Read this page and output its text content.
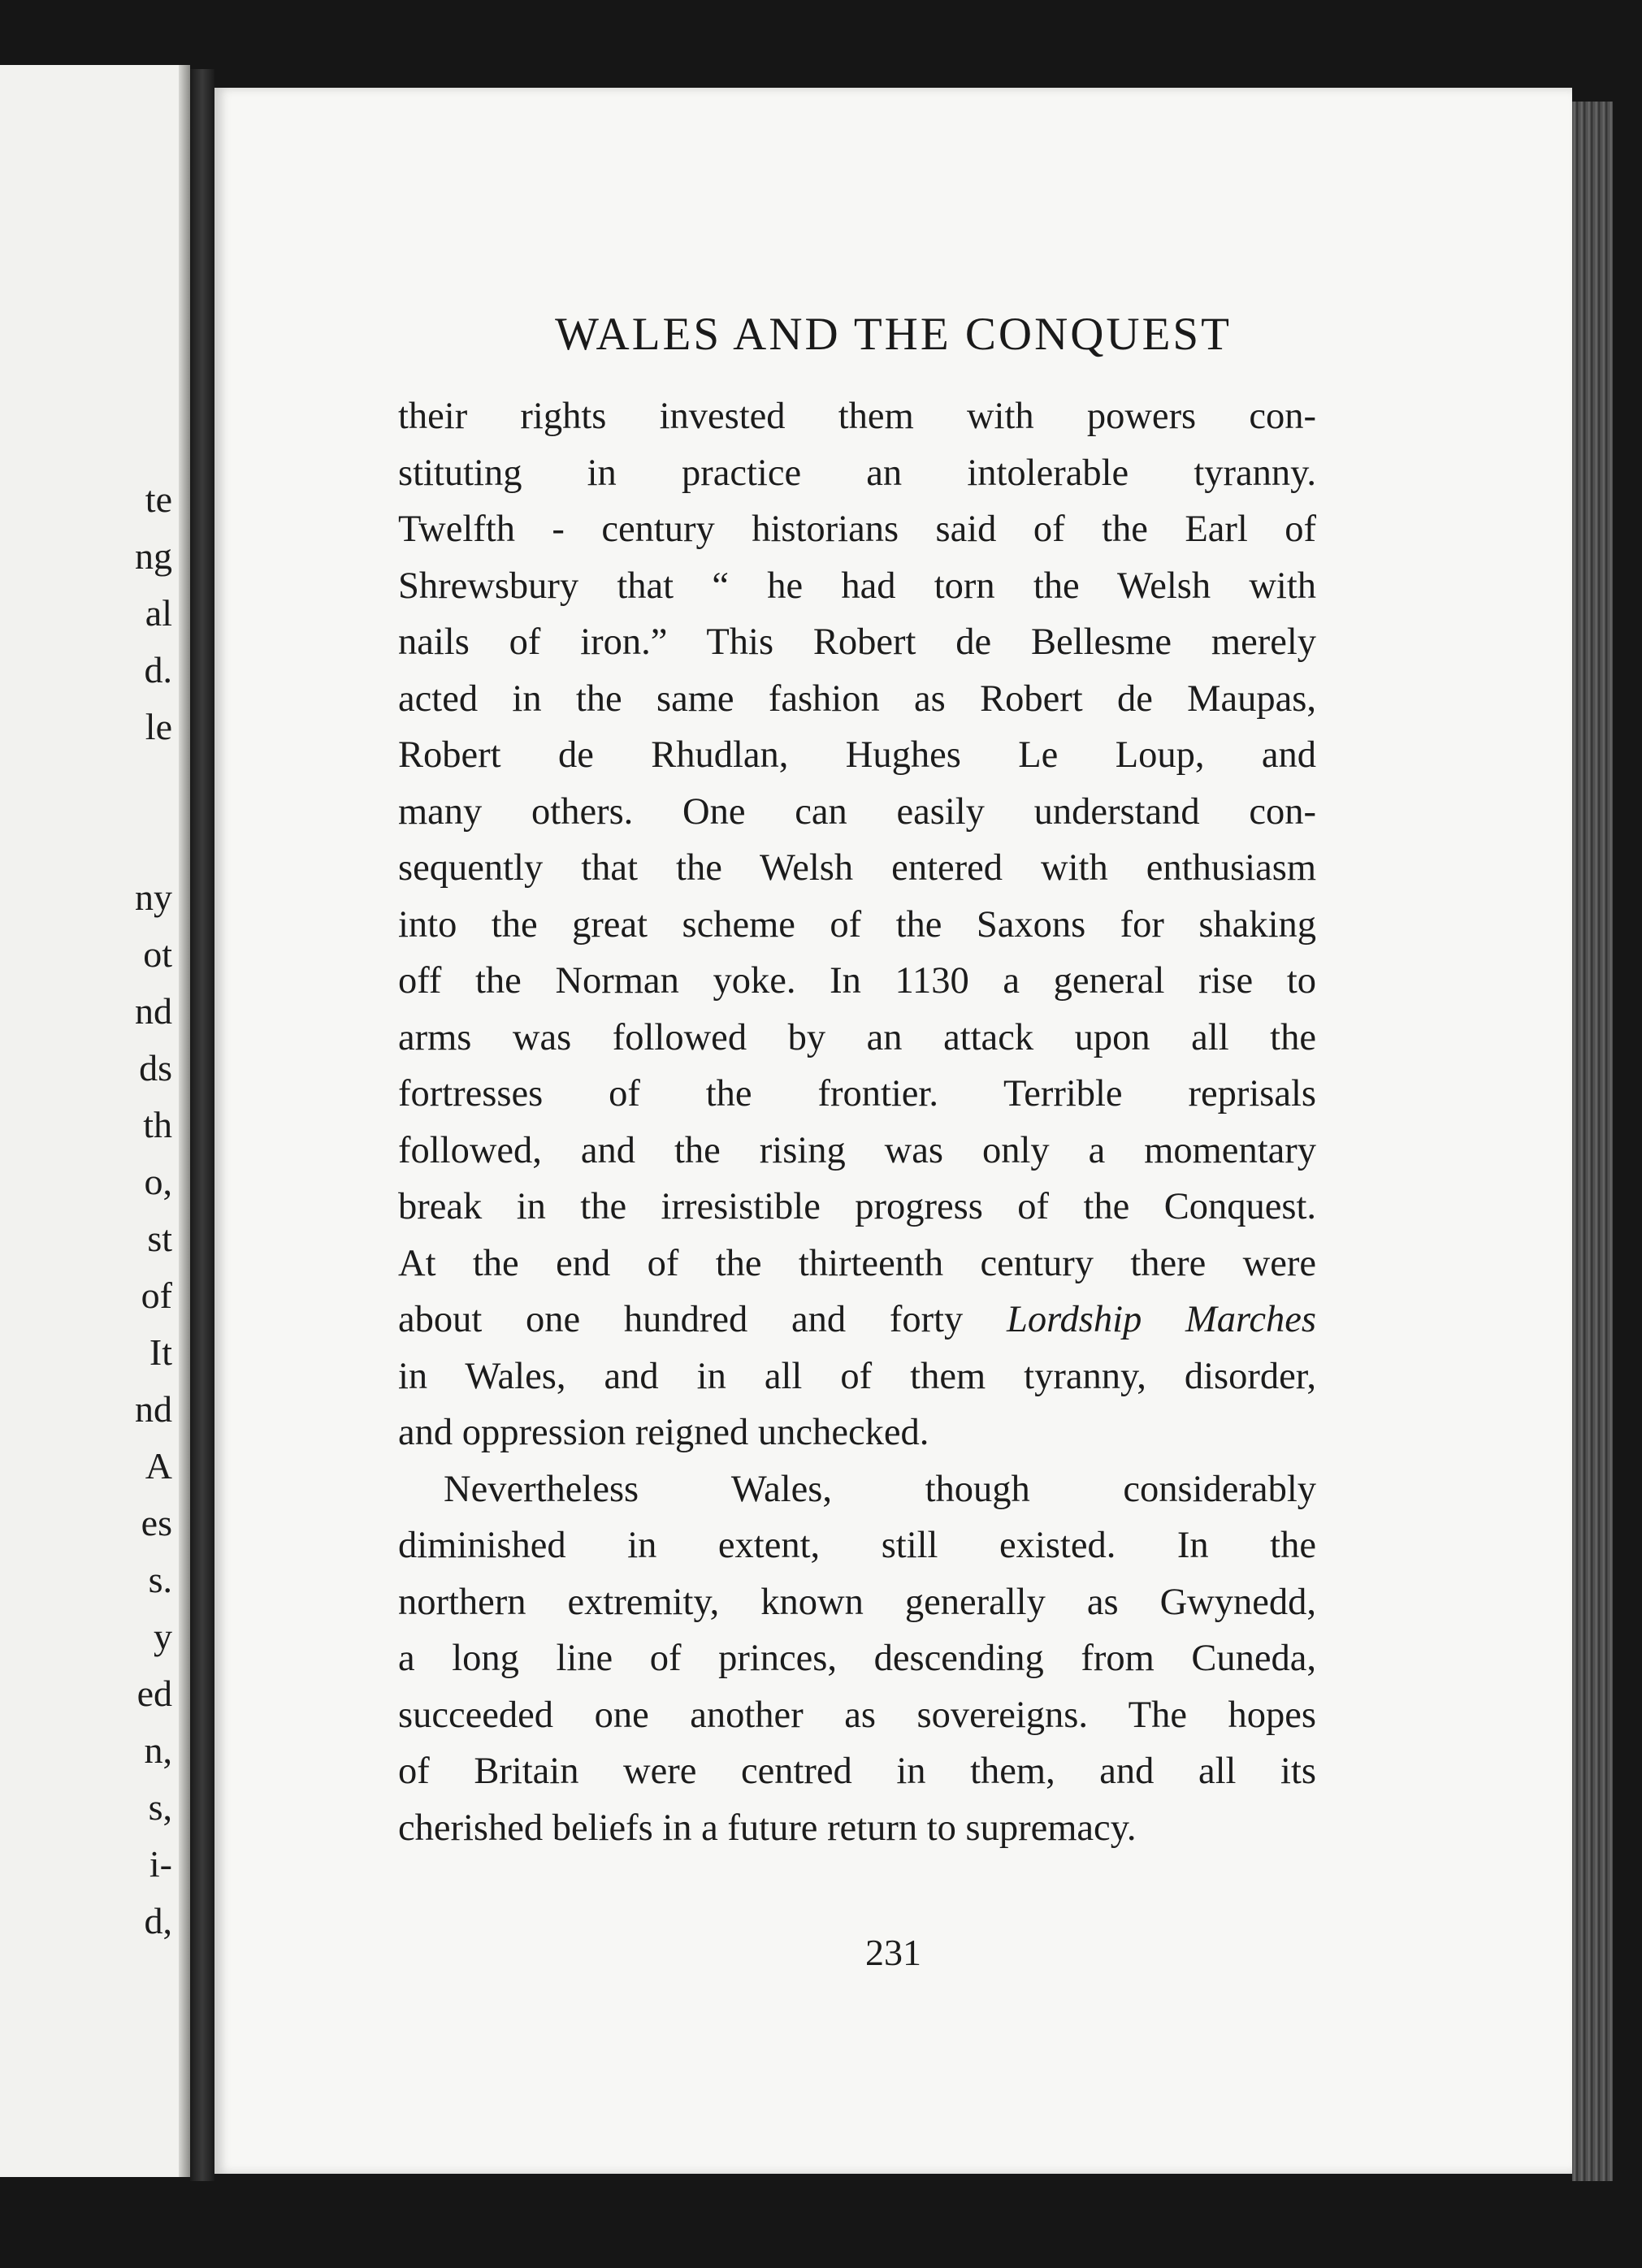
te
ng
al
d.
le
ny
ot
nd
ds
th
o,
st
of
It
nd
A
es
s.
y
ed
n,
s,
i-
d,
WALES AND THE CONQUEST
their rights invested them with powers con-
stituting in practice an intolerable tyranny.
Twelfth - century historians said of the Earl of
Shrewsbury that “ he had torn the Welsh with
nails of iron.” This Robert de Bellesme merely
acted in the same fashion as Robert de Maupas,
Robert de Rhudlan, Hughes Le Loup, and
many others. One can easily understand con-
sequently that the Welsh entered with enthusiasm
into the great scheme of the Saxons for shaking
off the Norman yoke. In 1130 a general rise to
arms was followed by an attack upon all the
fortresses of the frontier. Terrible reprisals
followed, and the rising was only a momentary
break in the irresistible progress of the Conquest.
At the end of the thirteenth century there were
about one hundred and forty Lordship Marches
in Wales, and in all of them tyranny, disorder,
and oppression reigned unchecked.
Nevertheless Wales, though considerably
diminished in extent, still existed. In the
northern extremity, known generally as Gwynedd,
a long line of princes, descending from Cuneda,
succeeded one another as sovereigns. The hopes
of Britain were centred in them, and all its
cherished beliefs in a future return to supremacy.
231
